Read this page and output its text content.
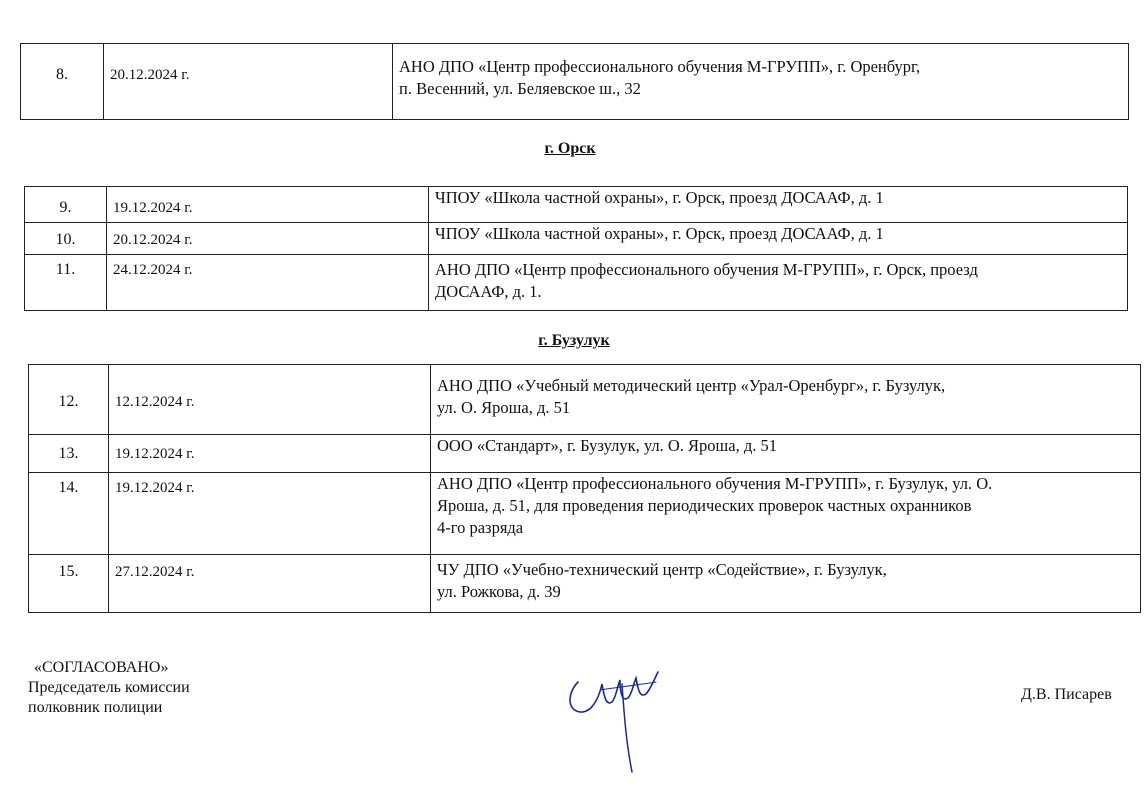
⠀
8.	20.12.2024 г.	АНО ДПО «Центр профессионального обучения М-ГРУПП», г. Оренбург,
п. Весенний, ул. Беляевское ш., 32
г. Орск
9.	19.12.2024 г.	ЧПОУ «Школа частной охраны», г. Орск, проезд ДОСААФ, д. 1

10.	20.12.2024 г.	ЧПОУ «Школа частной охраны», г. Орск, проезд ДОСААФ, д. 1

11.	24.12.2024 г.	АНО ДПО «Центр профессионального обучения М-ГРУПП», г. Орск, проезд
ДОСААФ, д. 1.
г. Бузулук
12.	12.12.2024 г.	АНО ДПО «Учебный методический центр «Урал-Оренбург», г. Бузулук,
ул. О. Яроша, д. 51

13.	19.12.2024 г.	ООО «Стандарт», г. Бузулук, ул. О. Яроша, д. 51

14.	19.12.2024 г.	АНО ДПО «Центр профессионального обучения М-ГРУПП», г. Бузулук, ул. О.
Ярошa, д. 51, для проведения периодических проверок частных охранников
4-го разряда

15.	27.12.2024 г.	ЧУ ДПО «Учебно-технический центр «Содействие», г. Бузулук,
ул. Рожкова, д. 39
«СОГЛАСОВАНО»
Председатель комиссии
полковник полиции
Д.В. Писарев
